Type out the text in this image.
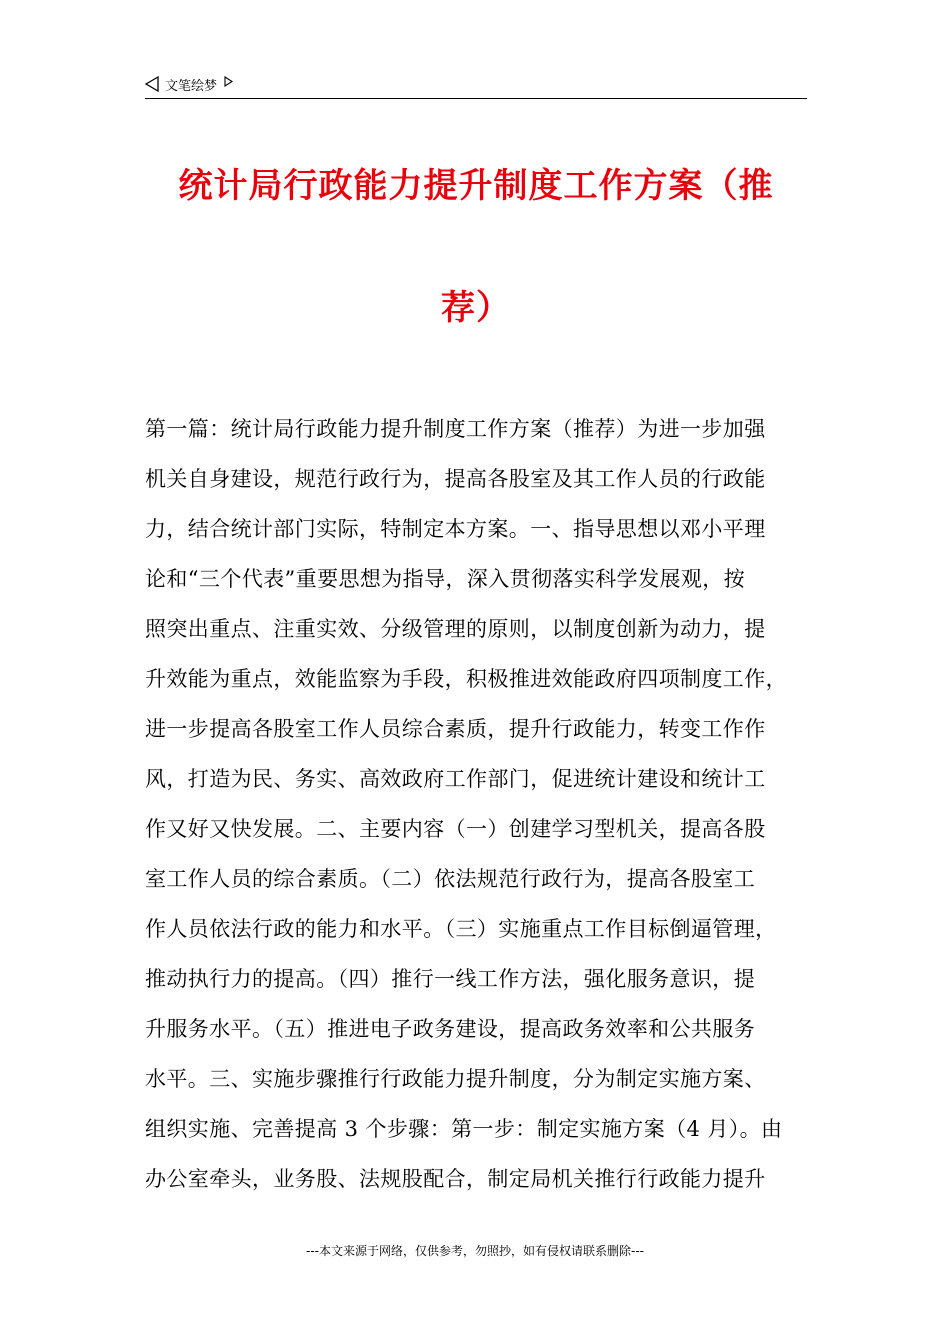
文笔绘梦
统计局行政能力提升制度工作方案（推
荐）
第一篇：统计局行政能力提升制度工作方案（推荐）为进一步加强
机关自身建设，规范行政行为，提高各股室及其工作人员的行政能
力，结合统计部门实际，特制定本方案。一、指导思想以邓小平理
论和“三个代表”重要思想为指导，深入贯彻落实科学发展观，按
照突出重点、注重实效、分级管理的原则，以制度创新为动力，提
升效能为重点，效能监察为手段，积极推进效能政府四项制度工作，
进一步提高各股室工作人员综合素质，提升行政能力，转变工作作
风，打造为民、务实、高效政府工作部门，促进统计建设和统计工
作又好又快发展。二、主要内容（一）创建学习型机关，提高各股
室工作人员的综合素质。（二）依法规范行政行为，提高各股室工
作人员依法行政的能力和水平。（三）实施重点工作目标倒逼管理，
推动执行力的提高。（四）推行一线工作方法，强化服务意识，提
升服务水平。（五）推进电子政务建设，提高政务效率和公共服务
水平。三、实施步骤推行行政能力提升制度，分为制定实施方案、
组织实施、完善提高 3 个步骤：第一步：制定实施方案（4 月）。由
办公室牵头，业务股、法规股配合，制定局机关推行行政能力提升
---本文来源于网络，仅供参考，勿照抄，如有侵权请联系删除---
